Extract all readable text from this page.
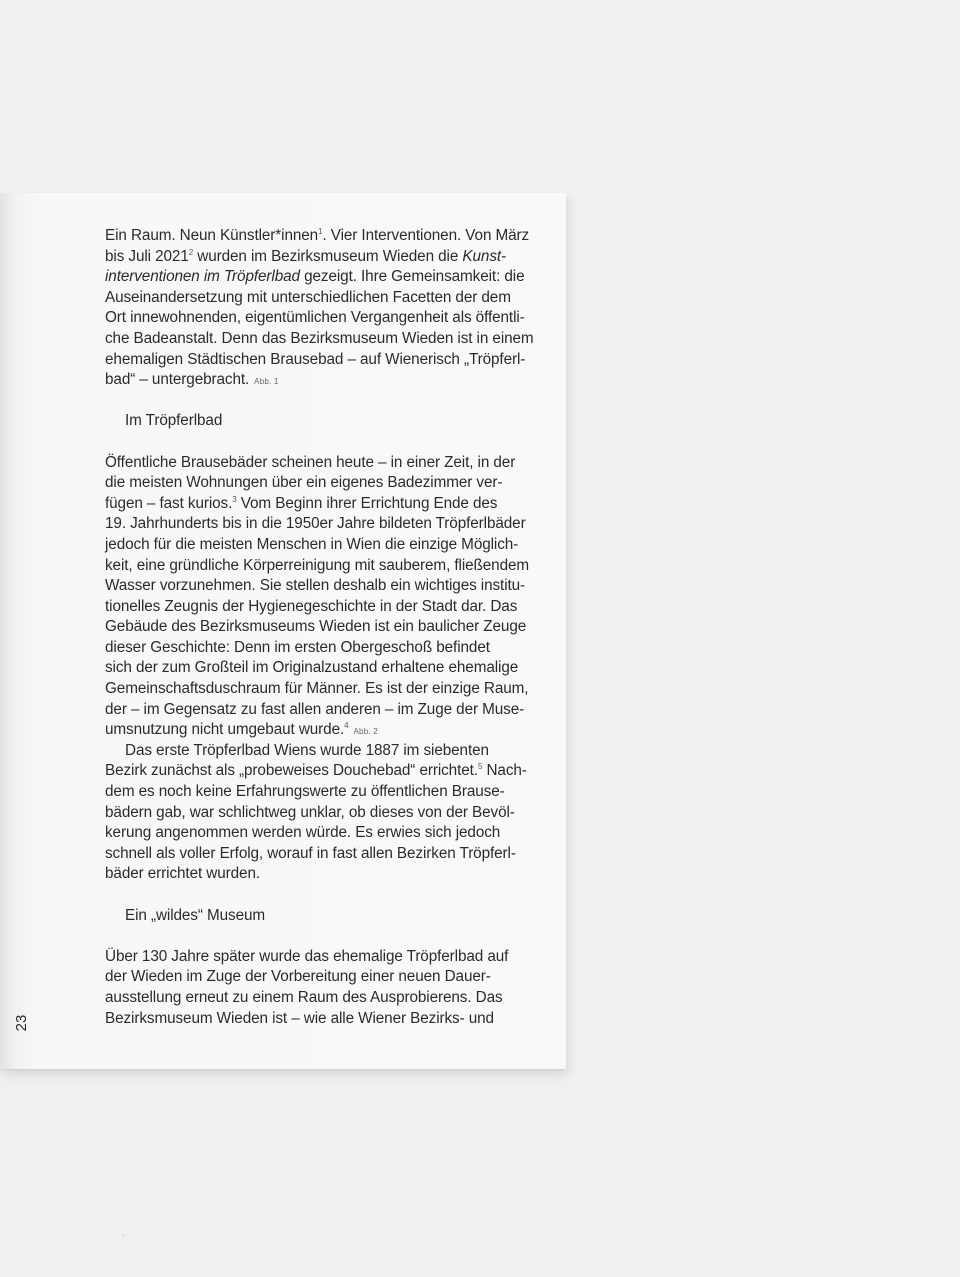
Ein Raum. Neun Künstler*innen$^1$. Vier Interventionen. Von März
bis Juli 2021$^2$ wurden im Bezirksmuseum Wieden die Kunst-
interventionen im Tröpferlbad gezeigt. Ihre Gemeinsamkeit: die
Auseinandersetzung mit unterschiedlichen Facetten der dem
Ort innewohnenden, eigentümlichen Vergangenheit als öffentli-
che Badeanstalt. Denn das Bezirksmuseum Wieden ist in einem
ehemaligen Städtischen Brausebad – auf Wienerisch „Tröpferl-
bad“ – untergebracht. Abb. 1
Im Tröpferlbad
Öffentliche Brausebäder scheinen heute – in einer Zeit, in der
die meisten Wohnungen über ein eigenes Badezimmer ver-
fügen – fast kurios.$^3$ Vom Beginn ihrer Errichtung Ende des
19. Jahrhunderts bis in die 1950er Jahre bildeten Tröpferlbäder
jedoch für die meisten Menschen in Wien die einzige Möglich-
keit, eine gründliche Körperreinigung mit sauberem, fließendem
Wasser vorzunehmen. Sie stellen deshalb ein wichtiges institu-
tionelles Zeugnis der Hygienegeschichte in der Stadt dar. Das
Gebäude des Bezirksmuseums Wieden ist ein baulicher Zeuge
dieser Geschichte: Denn im ersten Obergeschoß befindet
sich der zum Großteil im Originalzustand erhaltene ehemalige
Gemeinschaftsduschraum für Männer. Es ist der einzige Raum,
der – im Gegensatz zu fast allen anderen – im Zuge der Muse-
umsnutzung nicht umgebaut wurde.$^4$Abb. 2
Das erste Tröpferlbad Wiens wurde 1887 im siebenten
Bezirk zunächst als „probeweises Douchebad“ errichtet.$^5$ Nach-
dem es noch keine Erfahrungswerte zu öffentlichen Brause-
bädern gab, war schlichtweg unklar, ob dieses von der Bevöl-
kerung angenommen werden würde. Es erwies sich jedoch
schnell als voller Erfolg, worauf in fast allen Bezirken Tröpferl-
bäder errichtet wurden.
Ein „wildes“ Museum
Über 130 Jahre später wurde das ehemalige Tröpferlbad auf
der Wieden im Zuge der Vorbereitung einer neuen Dauer-
ausstellung erneut zu einem Raum des Ausprobierens. Das
Bezirksmuseum Wieden ist – wie alle Wiener Bezirks- und
23
